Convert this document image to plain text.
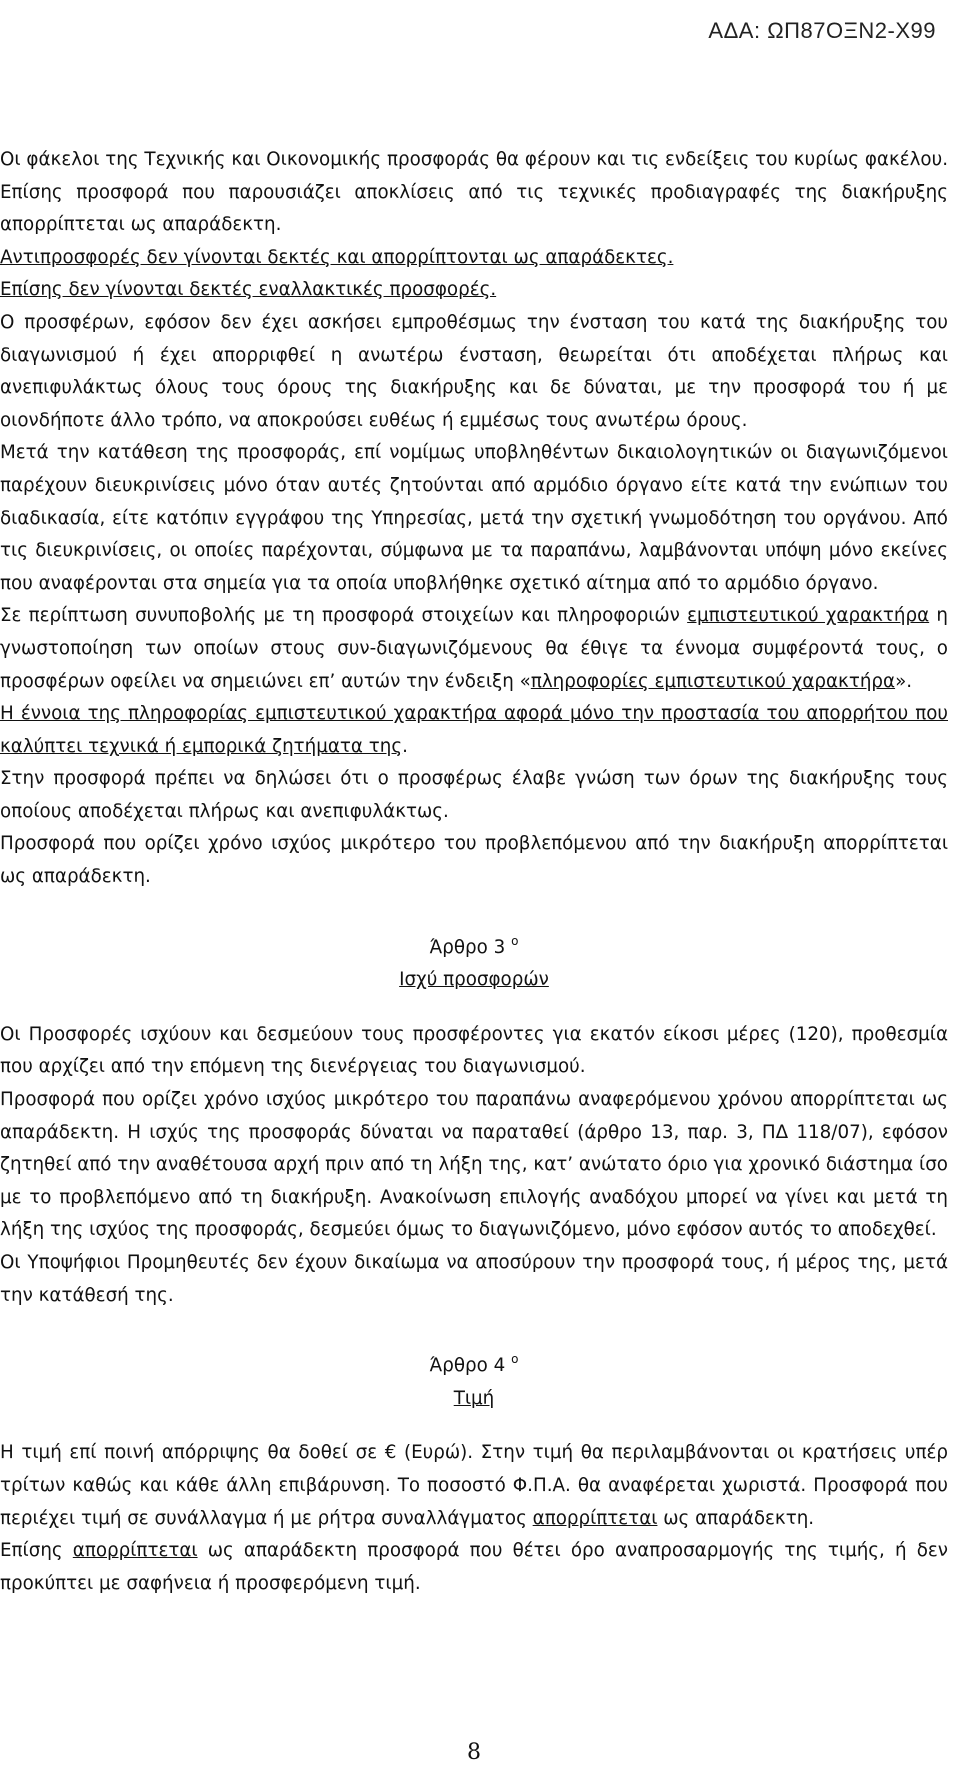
ΑΔΑ: ΩΠ87ΟΞΝ2-Χ99

Οι φάκελοι της Τεχνικής και Οικονομικής προσφοράς θα φέρουν και τις ενδείξεις του κυρίως φακέλου. Επίσης προσφορά που παρουσιάζει αποκλίσεις από τις τεχνικές προδιαγραφές της διακήρυξης απορρίπτεται ως απαράδεκτη.

Αντιπροσφορές δεν γίνονται δεκτές και απορρίπτονται ως απαράδεκτες.

Επίσης δεν γίνονται δεκτές εναλλακτικές προσφορές.

Ο προσφέρων, εφόσον δεν έχει ασκήσει εμπροθέσμως την ένσταση του κατά της διακήρυξης του διαγωνισμού ή έχει απορριφθεί η ανωτέρω ένσταση, θεωρείται ότι αποδέχεται πλήρως και ανεπιφυλάκτως όλους τους όρους της διακήρυξης και δε δύναται, με την προσφορά του ή με οιονδήποτε άλλο τρόπο, να αποκρούσει ευθέως ή εμμέσως τους ανωτέρω όρους.

Μετά την κατάθεση της προσφοράς, επί νομίμως υποβληθέντων δικαιολογητικών οι διαγωνιζόμενοι παρέχουν διευκρινίσεις μόνο όταν αυτές ζητούνται από αρμόδιο όργανο είτε κατά την ενώπιων του διαδικασία, είτε κατόπιν εγγράφου της Υπηρεσίας, μετά την σχετική γνωμοδότηση του οργάνου. Από τις διευκρινίσεις, οι οποίες παρέχονται, σύμφωνα με τα παραπάνω, λαμβάνονται υπόψη μόνο εκείνες που αναφέρονται στα σημεία για τα οποία υποβλήθηκε σχετικό αίτημα από το αρμόδιο όργανο.

Σε περίπτωση συνυποβολής με τη προσφορά στοιχείων και πληροφοριών εμπιστευτικού χαρακτήρα η γνωστοποίηση των οποίων στους συν-διαγωνιζόμενους θα έθιγε τα έννομα συμφέροντά τους, ο προσφέρων οφείλει να σημειώνει επ’ αυτών την ένδειξη «πληροφορίες εμπιστευτικού χαρακτήρα».

Η έννοια της πληροφορίας εμπιστευτικού χαρακτήρα αφορά μόνο την προστασία του απορρήτου που καλύπτει τεχνικά ή εμπορικά ζητήματα της.

Στην προσφορά πρέπει να δηλώσει ότι ο προσφέρως έλαβε γνώση των όρων της διακήρυξης τους οποίους αποδέχεται πλήρως και ανεπιφυλάκτως.

Προσφορά που ορίζει χρόνο ισχύος μικρότερο του προβλεπόμενου από την διακήρυξη απορρίπτεται ως απαράδεκτη.

Άρθρο 3 $^o$

Ισχύ προσφορών

Οι Προσφορές ισχύουν και δεσμεύουν τους προσφέροντες για εκατόν είκοσι μέρες (120), προθεσμία που αρχίζει από την επόμενη της διενέργειας του διαγωνισμού.

Προσφορά που ορίζει χρόνο ισχύος μικρότερο του παραπάνω αναφερόμενου χρόνου απορρίπτεται ως απαράδεκτη. Η ισχύς της προσφοράς δύναται να παραταθεί (άρθρο 13, παρ. 3, ΠΔ 118/07), εφόσον ζητηθεί από την αναθέτουσα αρχή πριν από τη λήξη της, κατ’ ανώτατο όριο για χρονικό διάστημα ίσο με το προβλεπόμενο από τη διακήρυξη. Ανακοίνωση επιλογής αναδόχου μπορεί να γίνει και μετά τη λήξη της ισχύος της προσφοράς, δεσμεύει όμως το διαγωνιζόμενο, μόνο εφόσον αυτός το αποδεχθεί.

Οι Υποψήφιοι Προμηθευτές δεν έχουν δικαίωμα να αποσύρουν την προσφορά τους, ή μέρος της, μετά την κατάθεσή της.

Άρθρο 4 $^o$

Τιμή

Η τιμή επί ποινή απόρριψης θα δοθεί σε € (Ευρώ). Στην τιμή θα περιλαμβάνονται οι κρατήσεις υπέρ τρίτων καθώς και κάθε άλλη επιβάρυνση. Το ποσοστό Φ.Π.Α. θα αναφέρεται χωριστά. Προσφορά που περιέχει τιμή σε συνάλλαγμα ή με ρήτρα συναλλάγματος απορρίπτεται ως απαράδεκτη.

Επίσης απορρίπτεται ως απαράδεκτη προσφορά που θέτει όρο αναπροσαρμογής της τιμής, ή δεν προκύπτει με σαφήνεια ή προσφερόμενη τιμή.

8
